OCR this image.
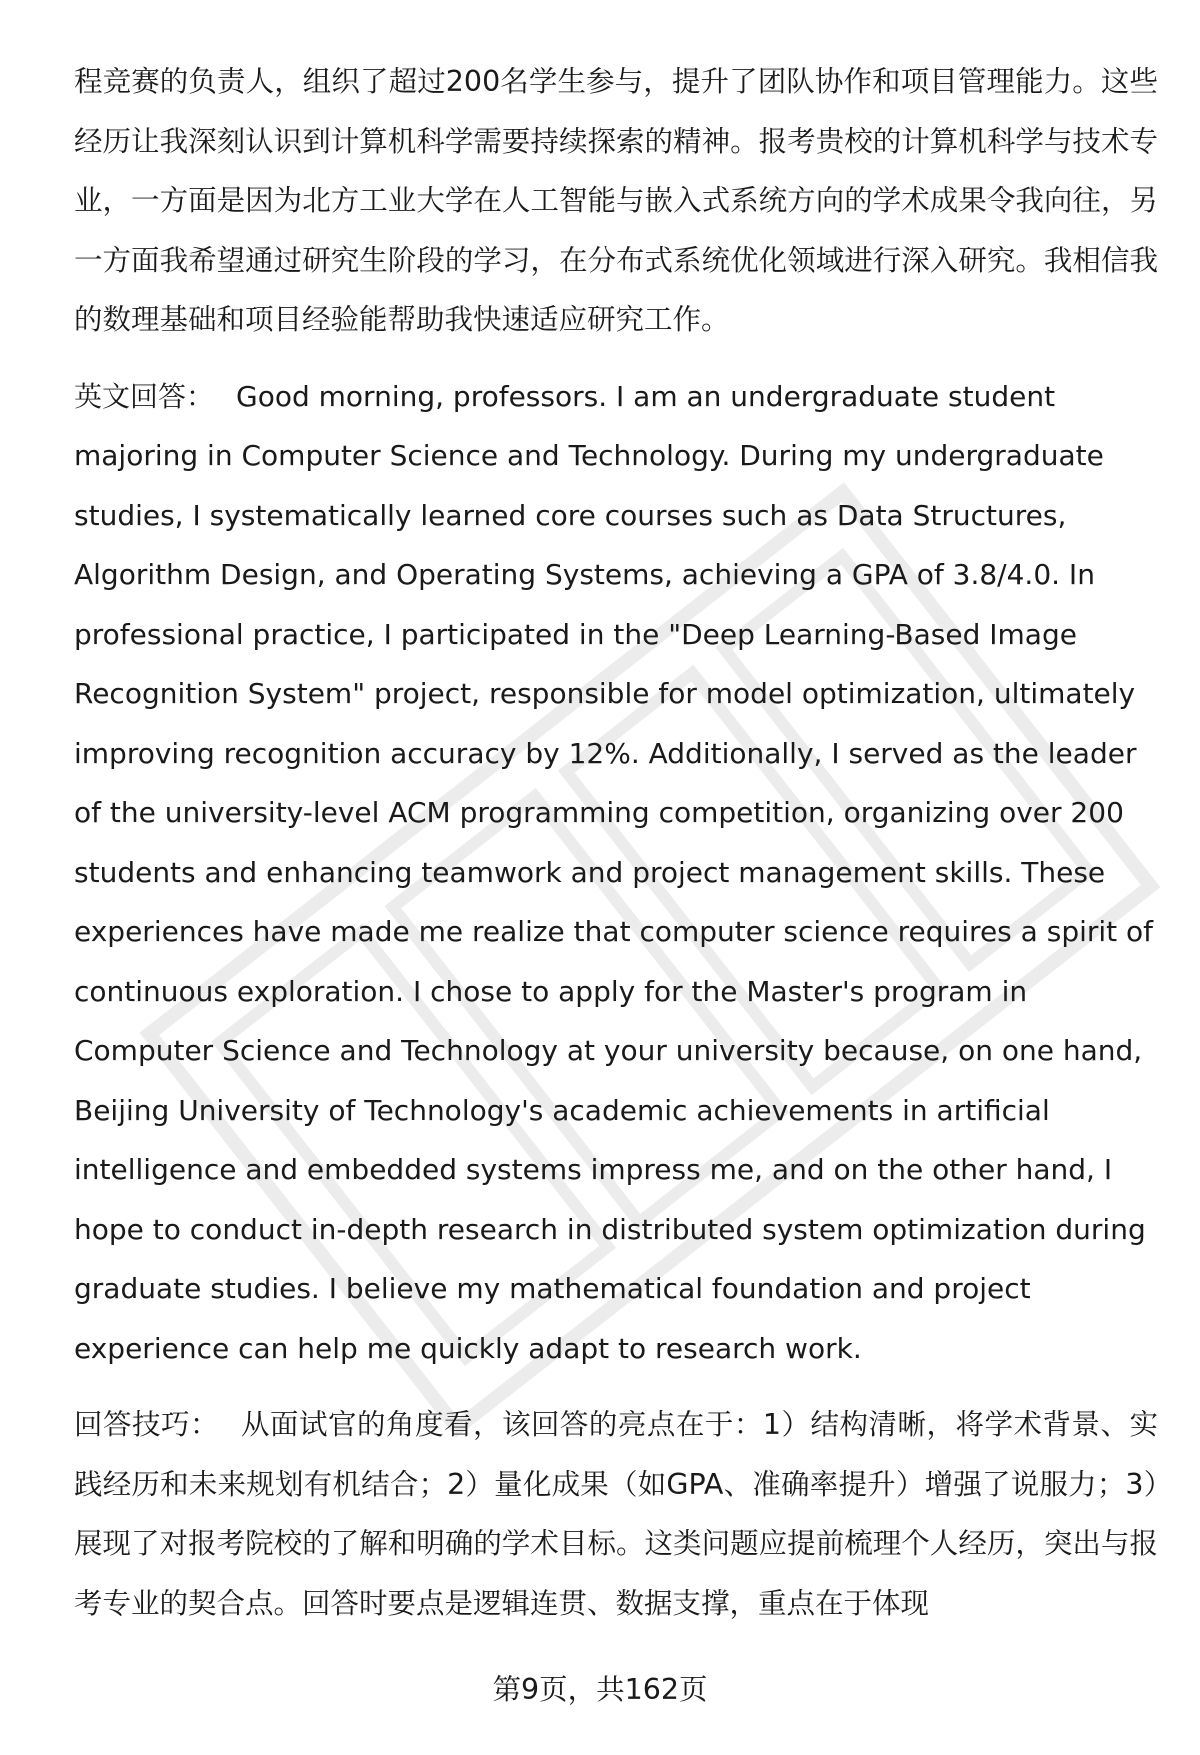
程竞赛的负责人，组织了超过200名学生参与，提升了团队协作和项目管理能力。这些经历让我深刻认识到计算机科学需要持续探索的精神。报考贵校的计算机科学与技术专业，一方面是因为北方工业大学在人工智能与嵌入式系统方向的学术成果令我向往，另一方面我希望通过研究生阶段的学习，在分布式系统优化领域进行深入研究。我相信我的数理基础和项目经验能帮助我快速适应研究工作。

英文回答： Good morning, professors. I am an undergraduate student majoring in Computer Science and Technology. During my undergraduate studies, I systematically learned core courses such as Data Structures, Algorithm Design, and Operating Systems, achieving a GPA of 3.8/4.0. In professional practice, I participated in the "Deep Learning-Based Image Recognition System" project, responsible for model optimization, ultimately improving recognition accuracy by 12%. Additionally, I served as the leader of the university-level ACM programming competition, organizing over 200 students and enhancing teamwork and project management skills. These experiences have made me realize that computer science requires a spirit of continuous exploration. I chose to apply for the Master's program in Computer Science and Technology at your university because, on one hand, Beijing University of Technology's academic achievements in artificial intelligence and embedded systems impress me, and on the other hand, I hope to conduct in-depth research in distributed system optimization during graduate studies. I believe my mathematical foundation and project experience can help me quickly adapt to research work.

回答技巧： 从面试官的角度看，该回答的亮点在于：1）结构清晰，将学术背景、实践经历和未来规划有机结合；2）量化成果（如GPA、准确率提升）增强了说服力；3）展现了对报考院校的了解和明确的学术目标。这类问题应提前梳理个人经历，突出与报考专业的契合点。回答时要点是逻辑连贯、数据支撑，重点在于体现

第9页，共162页
